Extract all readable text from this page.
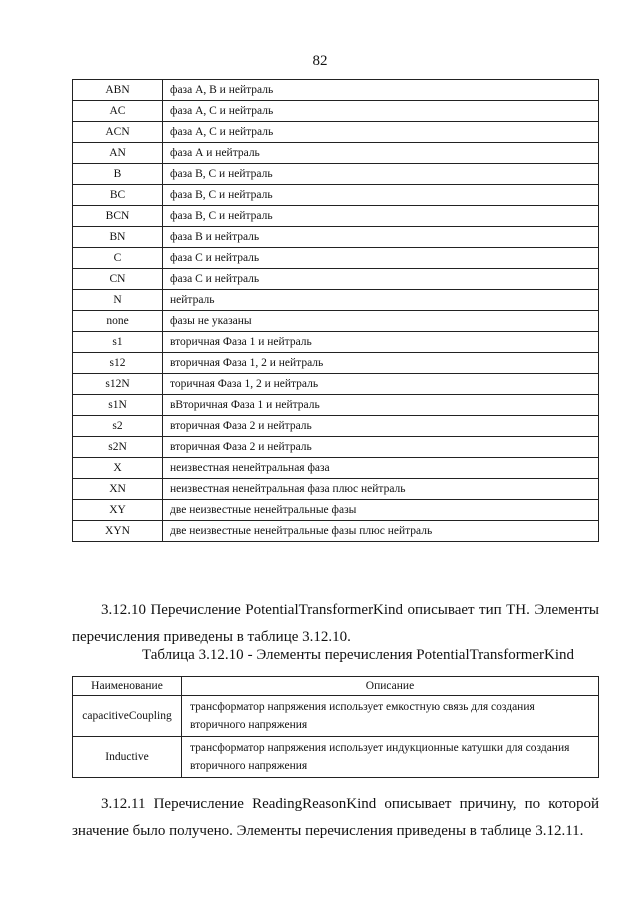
82
ABN	фаза А, В и нейтраль
AC	фаза А, С и нейтраль
ACN	фаза А, С и нейтраль
AN	фаза А и нейтраль
B	фаза В, С и нейтраль
BC	фаза В, С и нейтраль
BCN	фаза В, С и нейтраль
BN	фаза В и нейтраль
C	фаза С и нейтраль
CN	фаза С и нейтраль
N	нейтраль
none	фазы не указаны
s1	вторичная Фаза 1 и нейтраль
s12	вторичная Фаза 1, 2 и нейтраль
s12N	торичная Фаза 1, 2 и нейтраль
s1N	вВторичная Фаза 1 и нейтраль
s2	вторичная Фаза 2 и нейтраль
s2N	вторичная Фаза 2 и нейтраль
X	неизвестная ненейтральная фаза
XN	неизвестная ненейтральная фаза плюс нейтраль
XY	две неизвестные ненейтральные фазы
XYN	две неизвестные ненейтральные фазы плюс нейтраль

3.12.10 Перечисление PotentialTransformerKind описывает тип ТН. Элементы перечисления приведены в таблице 3.12.10.

Таблица 3.12.10 - Элементы перечисления PotentialTransformerKind
Наименование	Описание
capacitiveCoupling	трансформатор напряжения использует емкостную связь для создания вторичного напряжения
Inductive	трансформатор напряжения использует индукционные катушки для создания вторичного напряжения

3.12.11 Перечисление ReadingReasonKind описывает причину, по которой значение было получено. Элементы перечисления приведены в таблице 3.12.11.
